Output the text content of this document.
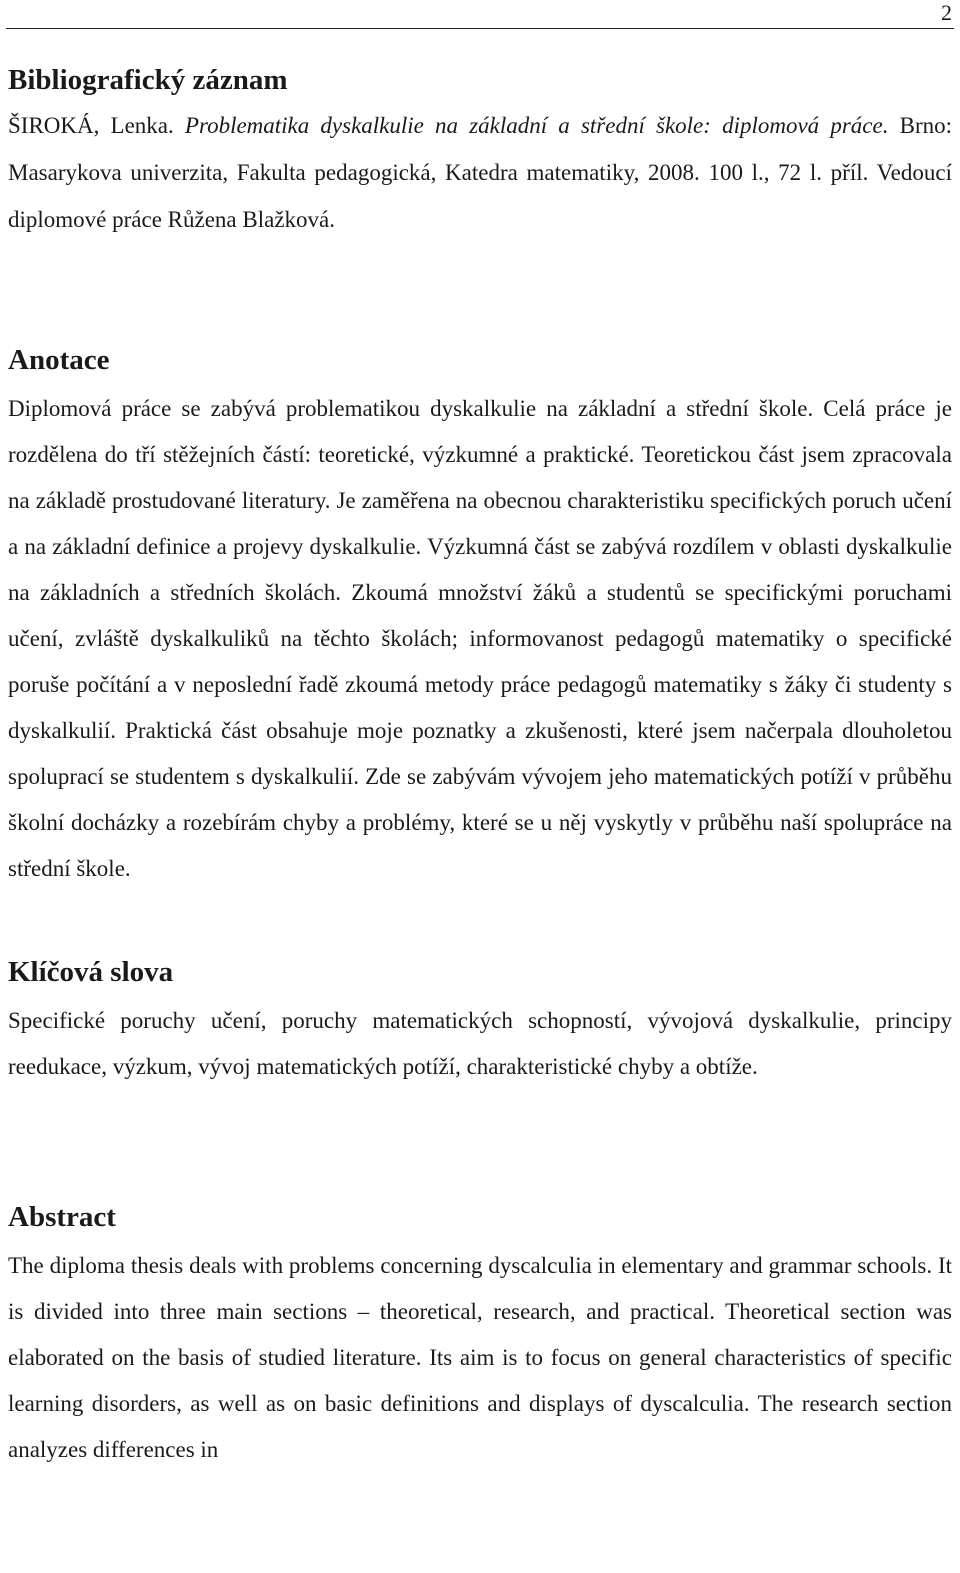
2
Bibliografický záznam

ŠIROKÁ, Lenka. Problematika dyskalkulie na základní a střední škole: diplomová práce. Brno: Masarykova univerzita, Fakulta pedagogická, Katedra matematiky, 2008. 100 l., 72 l. příl. Vedoucí diplomové práce Růžena Blažková.

Anotace

Diplomová práce se zabývá problematikou dyskalkulie na základní a střední škole. Celá práce je rozdělena do tří stěžejních částí: teoretické, výzkumné a praktické. Teoretickou část jsem zpracovala na základě prostudované literatury. Je zaměřena na obecnou charakteristiku specifických poruch učení a na základní definice a projevy dyskalkulie. Výzkumná část se zabývá rozdílem v oblasti dyskalkulie na základních a středních školách. Zkoumá množství žáků a studentů se specifickými poruchami učení, zvláště dyskalkuliků na těchto školách; informovanost pedagogů matematiky o specifické poruše počítání a v neposlední řadě zkoumá metody práce pedagogů matematiky s žáky či studenty s dyskalkulií. Praktická část obsahuje moje poznatky a zkušenosti, které jsem načerpala dlouholetou spoluprací se studentem s dyskalkulií. Zde se zabývám vývojem jeho matematických potíží v průběhu školní docházky a rozebírám chyby a problémy, které se u něj vyskytly v průběhu naší spolupráce na střední škole.

Klíčová slova

Specifické poruchy učení, poruchy matematických schopností, vývojová dyskalkulie, principy reedukace, výzkum, vývoj matematických potíží, charakteristické chyby a obtíže.

Abstract

The diploma thesis deals with problems concerning dyscalculia in elementary and grammar schools. It is divided into three main sections – theoretical, research, and practical. Theoretical section was elaborated on the basis of studied literature. Its aim is to focus on general characteristics of specific learning disorders, as well as on basic definitions and displays of dyscalculia. The research section analyzes differences in
